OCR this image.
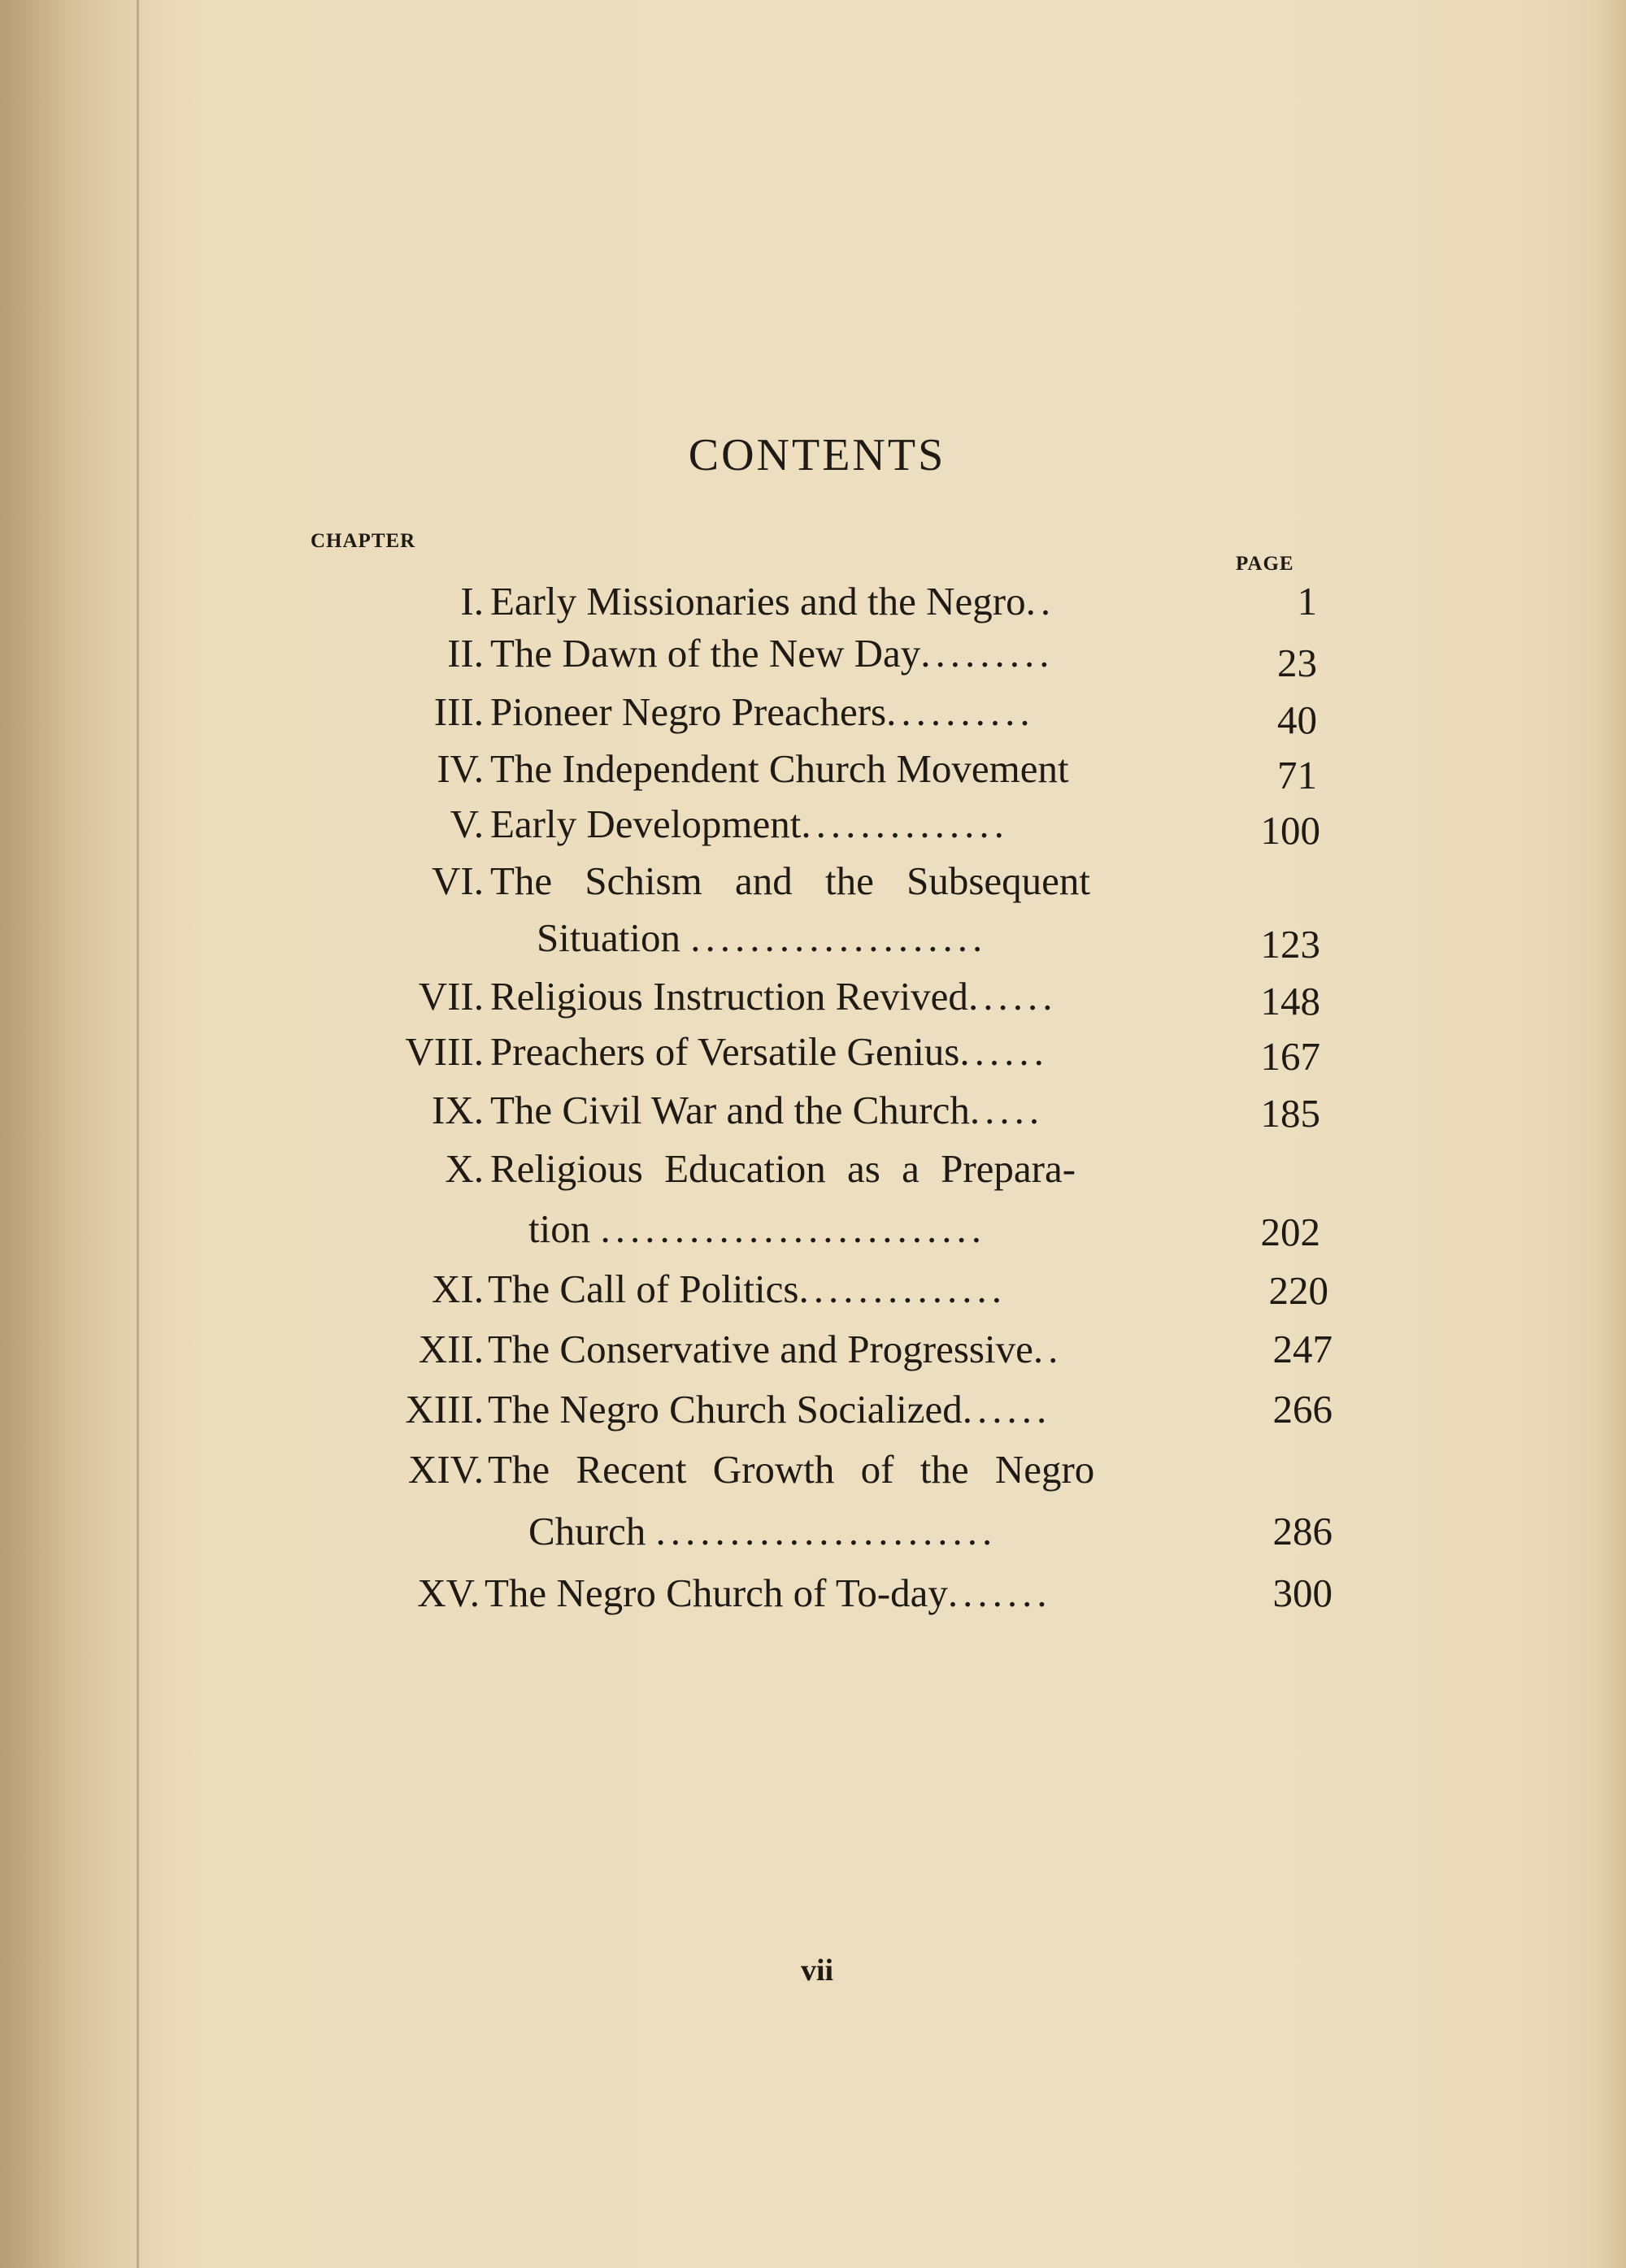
CONTENTS
CHAPTER
PAGE
I. Early Missionaries and the Negro..	1
II. The Dawn of the New Day.........	23
III. Pioneer Negro Preachers..........	40
IV. The Independent Church Movement	71
V. Early Development..............	100
VI. The Schism and the Subsequent
Situation ....................	123
VII. Religious Instruction Revived......	148
VIII. Preachers of Versatile Genius......	167
IX. The Civil War and the Church.....	185
X. Religious Education as a Prepara-
tion ..........................	202
XI. The Call of Politics..............	220
XII. The Conservative and Progressive..	247
XIII. The Negro Church Socialized......	266
XIV. The Recent Growth of the Negro
Church .......................	286
XV. The Negro Church of To-day.......	300
vii
